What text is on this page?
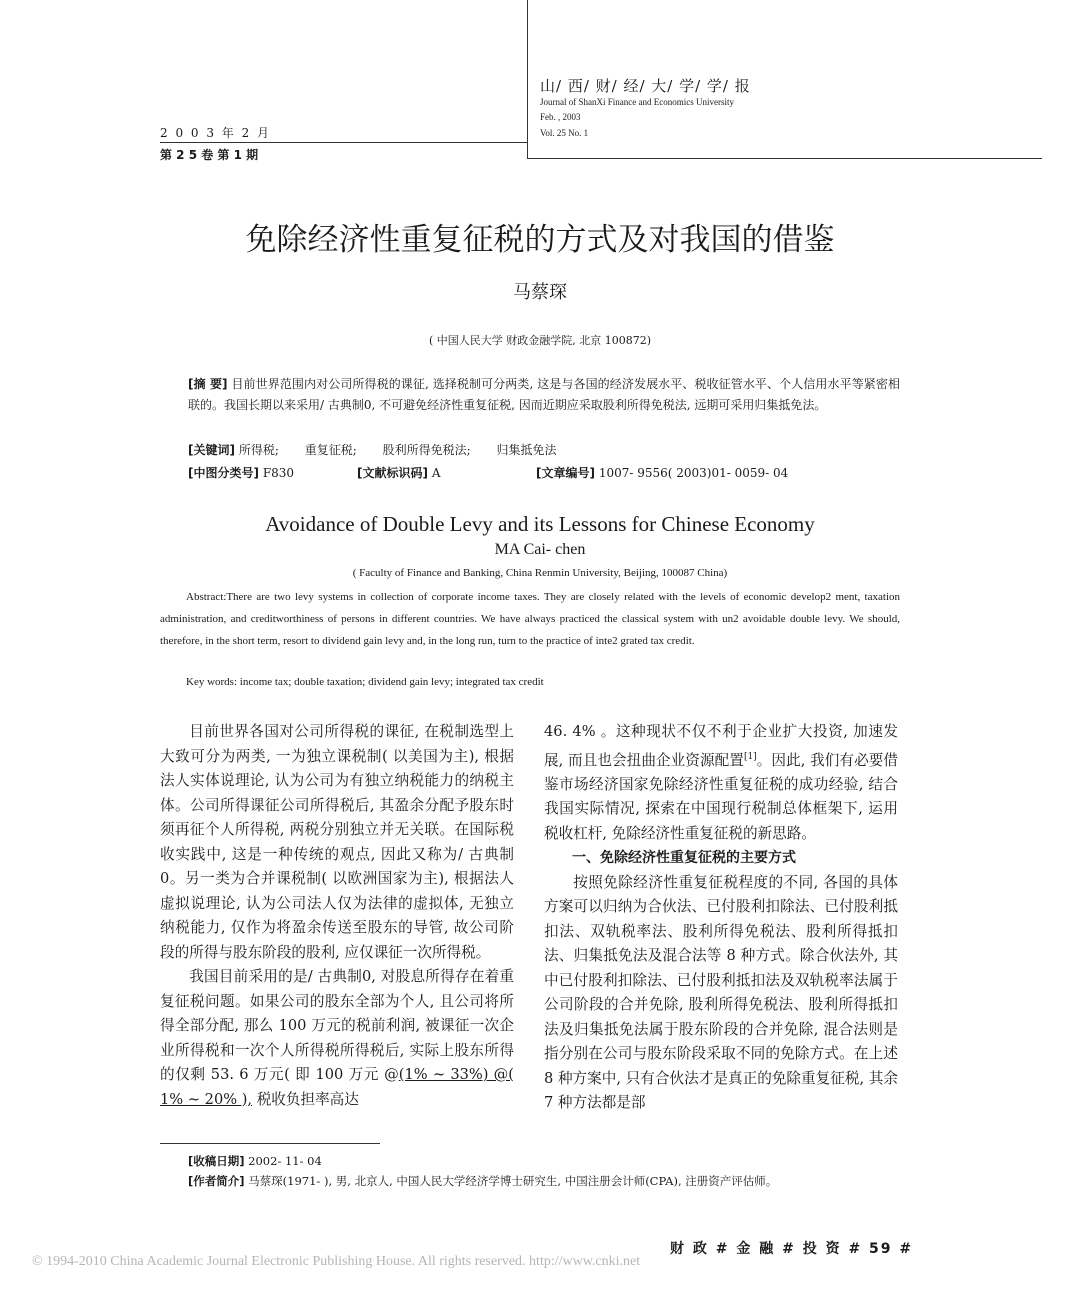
山/ 西/ 财/ 经/ 大/ 学/ 学/ 报
Journal of ShanXi Finance and Economics University
Feb. , 2003
Vol. 25 No. 1
2 0 0 3 年 2 月
第 2 5 卷 第 1 期
免除经济性重复征税的方式及对我国的借鉴
马蔡琛
( 中国人民大学 财政金融学院, 北京 100872)
[摘 要] 目前世界范围内对公司所得税的课征, 选择税制可分两类, 这是与各国的经济发展水平、税收征管水平、个人信用水平等紧密相联的。我国长期以来采用/ 古典制0, 不可避免经济性重复征税, 因而近期应采取股利所得免税法, 远期可采用归集抵免法。
[关键词] 所得税; 重复征税; 股利所得免税法; 归集抵免法
[中图分类号] F830	[文献标识码] A	[文章编号] 1007- 9556( 2003)01- 0059- 04
Avoidance of Double Levy and its Lessons for Chinese Economy
MA Cai- chen
( Faculty of Finance and Banking, China Renmin University, Beijing, 100087 China)
Abstract:There are two levy systems in collection of corporate income taxes. They are closely related with the levels of economic develop2 ment, taxation administration, and creditworthiness of persons in different countries. We have always practiced the classical system with un2 avoidable double levy. We should, therefore, in the short term, resort to dividend gain levy and, in the long run, turn to the practice of inte2 grated tax credit.
Key words: income tax; double taxation; dividend gain levy; integrated tax credit

目前世界各国对公司所得税的课征, 在税制选型上大致可分为两类, 一为独立课税制( 以美国为主), 根据法人实体说理论, 认为公司为有独立纳税能力的纳税主体。公司所得课征公司所得税后, 其盈余分配予股东时须再征个人所得税, 两税分别独立并无关联。在国际税收实践中, 这是一种传统的观点, 因此又称为/ 古典制0。另一类为合并课税制( 以欧洲国家为主), 根据法人虚拟说理论, 认为公司法人仅为法律的虚拟体, 无独立纳税能力, 仅作为将盈余传送至股东的导管, 故公司阶段的所得与股东阶段的股利, 应仅课征一次所得税。

我国目前采用的是/ 古典制0, 对股息所得存在着重复征税问题。如果公司的股东全部为个人, 且公司将所得全部分配, 那么 100 万元的税前利润, 被课征一次企业所得税和一次个人所得税所得税后, 实际上股东所得的仅剩 53. 6 万元( 即 100 万元 @(1% ~ 33%) @( 1% ~ 20% ), 税收负担率高达

46. 4% 。这种现状不仅不利于企业扩大投资, 加速发展, 而且也会扭曲企业资源配置[1]。因此, 我们有必要借鉴市场经济国家免除经济性重复征税的成功经验, 结合我国实际情况, 探索在中国现行税制总体框架下, 运用税收杠杆, 免除经济性重复征税的新思路。

一、免除经济性重复征税的主要方式

按照免除经济性重复征税程度的不同, 各国的具体方案可以归纳为合伙法、已付股利扣除法、已付股利抵扣法、双轨税率法、股利所得免税法、股利所得抵扣法、归集抵免法及混合法等 8 种方式。除合伙法外, 其中已付股利扣除法、已付股利抵扣法及双轨税率法属于公司阶段的合并免除, 股利所得免税法、股利所得抵扣法及归集抵免法属于股东阶段的合并免除, 混合法则是指分别在公司与股东阶段采取不同的免除方式。在上述 8 种方案中, 只有合伙法才是真正的免除重复征税, 其余 7 种方法都是部

[收稿日期] 2002- 11- 04
[作者简介] 马蔡琛(1971- ), 男, 北京人, 中国人民大学经济学博士研究生, 中国注册会计师(CPA), 注册资产评估师。
财 政 # 金 融 # 投 资 # 59 #
© 1994-2010 China Academic Journal Electronic Publishing House. All rights reserved. http://www.cnki.net
